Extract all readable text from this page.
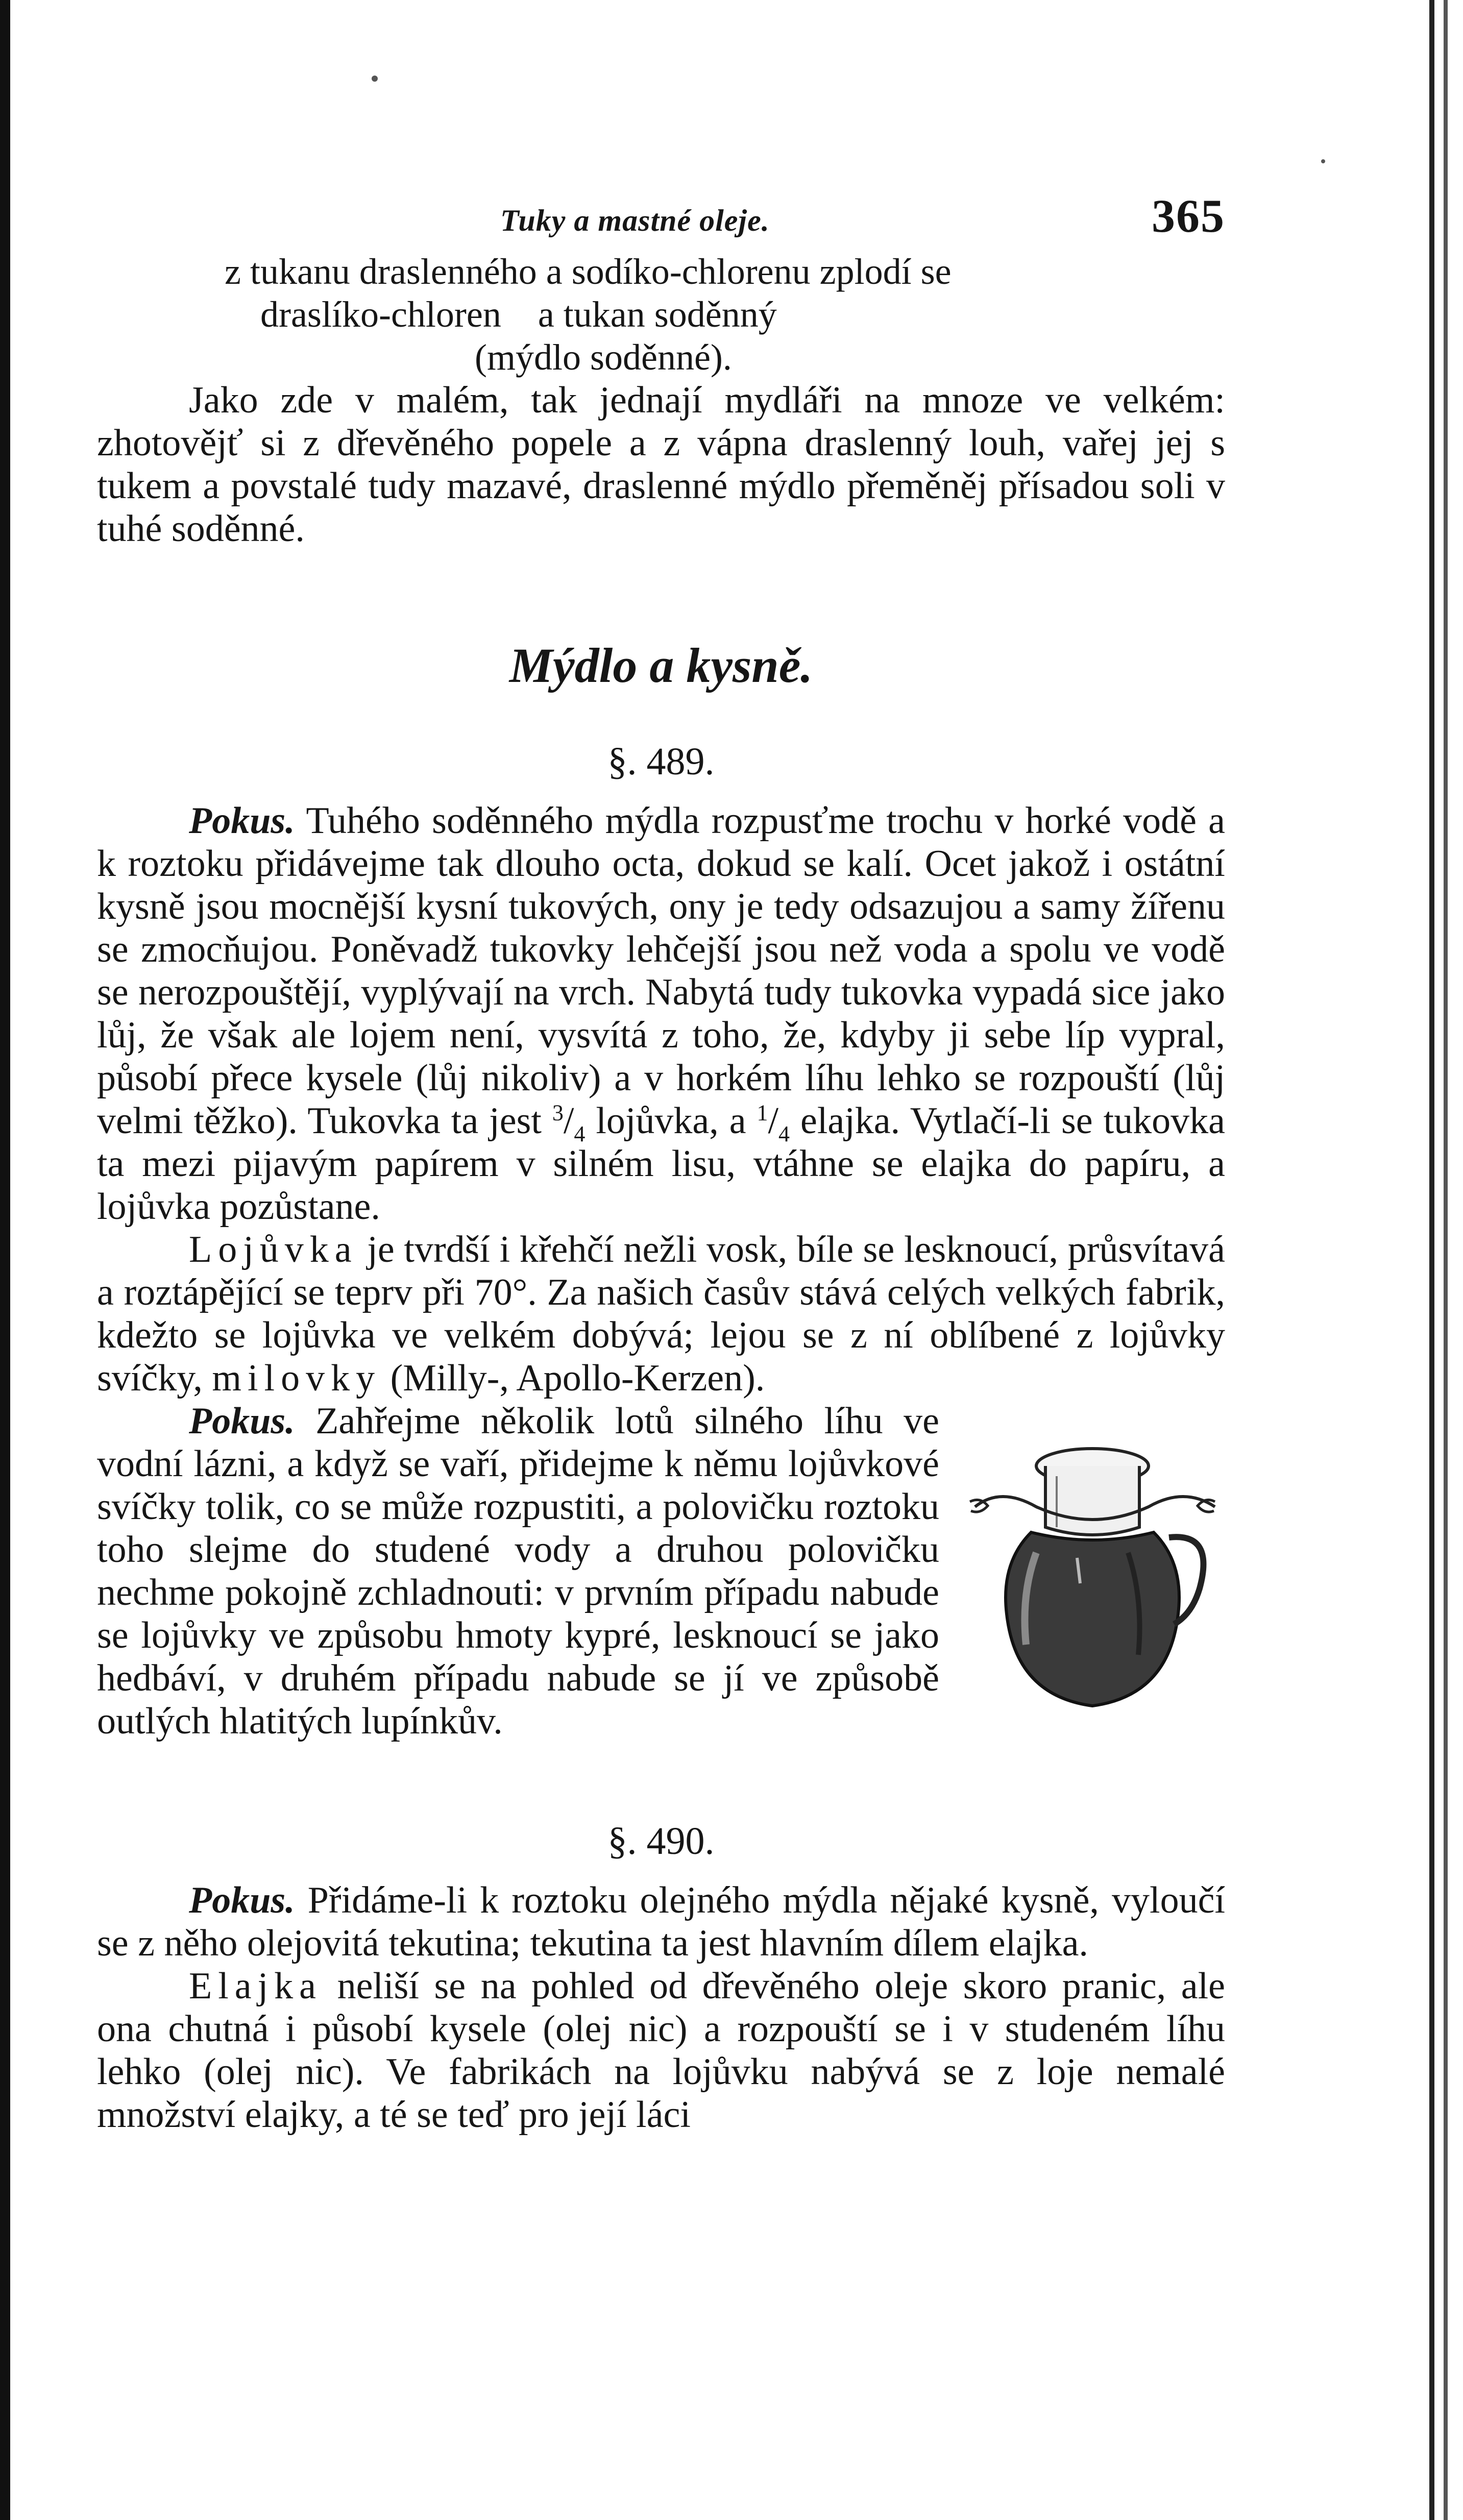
Tuky a mastné oleje.	365

z tukanu draslenného a sodíko-chlorenu zplodí se

draslíko-chloren    a tukan soděnný

(mýdlo soděnné).

Jako zde v malém, tak jednají mydláři na mnoze ve velkém: zhotovějť si z dřevěného popele a z vápna draslenný louh, vařej jej s tukem a povstalé tudy mazavé, draslenné mýdlo přeměněj přísadou soli v tuhé soděnné.

Mýdlo a kysně.
§. 489.

Pokus. Tuhého soděnného mýdla rozpusťme trochu v horké vodě a k roztoku přidávejme tak dlouho octa, dokud se kalí. Ocet jakož i ostátní kysně jsou mocnější kysní tukových, ony je tedy odsazujou a samy žířenu se zmocňujou. Poněvadž tukovky lehčejší jsou než voda a spolu ve vodě se nerozpouštějí, vyplývají na vrch. Nabytá tudy tukovka vypadá sice jako lůj, že však ale lojem není, vysvítá z toho, že, kdyby ji sebe líp vypral, působí přece kysele (lůj nikoliv) a v horkém líhu lehko se rozpouští (lůj velmi těžko). Tukovka ta jest $^3/_4$ lojůvka, a $^1/_4$ elajka. Vytlačí-li se tukovka ta mezi pijavým papírem v silném lisu, vtáhne se elajka do papíru, a lojůvka pozůstane.

Lojůvka je tvrdší i křehčí nežli vosk, bíle se lesknoucí, průsvítavá a roztápějící se teprv při 70°. Za našich časův stává celých velkých fabrik, kdežto se lojůvka ve velkém dobývá; lejou se z ní oblíbené z lojůvky svíčky, milovky (Milly-, Apollo-Kerzen).

Pokus. Zahřejme několik lotů silného líhu ve vodní lázni, a když se vaří, přidejme k němu lojůvkové svíčky tolik, co se může rozpustiti, a polovičku roztoku toho slejme do studené vody a druhou polovičku nechme pokojně zchladnouti: v prvním případu nabude se lojůvky ve způsobu hmoty kypré, lesknoucí se jako hedbáví, v druhém případu nabude se jí ve způsobě outlých hlatitých lupínkův.

§. 490.

Pokus. Přidáme-li k roztoku olejného mýdla nějaké kysně, vyloučí se z něho olejovitá tekutina; tekutina ta jest hlavním dílem elajka.

Elajka neliší se na pohled od dřevěného oleje skoro pranic, ale ona chutná i působí kysele (olej nic) a rozpouští se i v studeném líhu lehko (olej nic). Ve fabrikách na lojůvku nabývá se z loje nemalé množství elajky, a té se teď pro její láci
